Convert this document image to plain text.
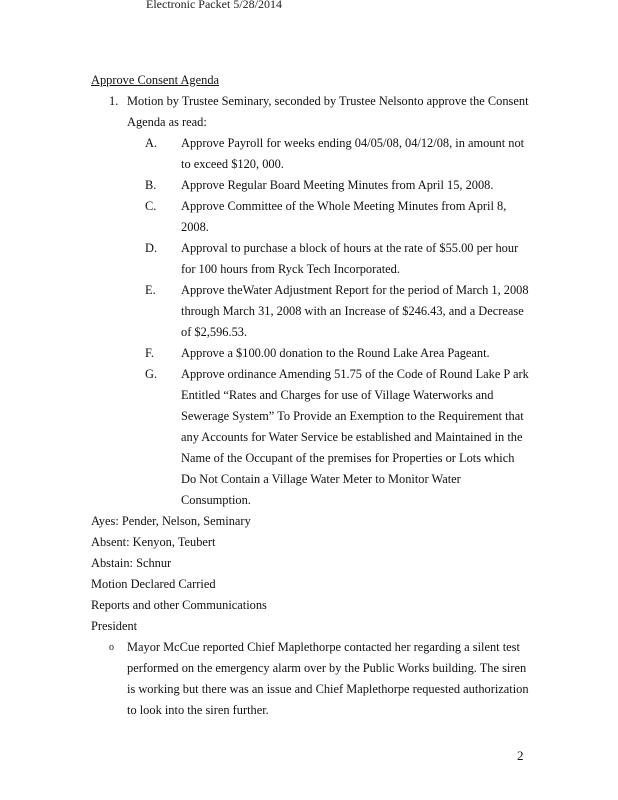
Electronic Packet 5/28/2014
Approve Consent Agenda
1. Motion by Trustee Seminary, seconded by Trustee Nelsonto approve the Consent Agenda as read:
A.	Approve Payroll for weeks ending 04/05/08, 04/12/08, in amount not to exceed $120, 000.
B.	Approve Regular Board Meeting Minutes from April 15, 2008.
C.	Approve Committee of the Whole Meeting Minutes from April 8, 2008.
D.	Approval to purchase a block of hours at the rate of $55.00 per hour for 100 hours from Ryck Tech Incorporated.
E.	Approve theWater Adjustment Report for the period of March 1, 2008 through March 31, 2008 with an Increase of $246.43, and a Decrease of $2,596.53.
F.	Approve a $100.00 donation to the Round Lake Area Pageant.
G.	Approve ordinance Amending 51.75 of the Code of Round Lake P ark Entitled “Rates and Charges for use of Village Waterworks and Sewerage System” To Provide an Exemption to the Requirement that any Accounts for Water Service be established and Maintained in the Name of the Occupant of the premises for Properties or Lots which Do Not Contain a Village Water Meter to Monitor Water Consumption.
Ayes: Pender, Nelson, Seminary
Absent: Kenyon, Teubert
Abstain: Schnur
Motion Declared Carried
Reports and other Communications
President
o	Mayor McCue reported Chief Maplethorpe contacted her regarding a silent test performed on the emergency alarm over by the Public Works building. The siren is working but there was an issue and Chief Maplethorpe requested authorization to look into the siren further.
2
